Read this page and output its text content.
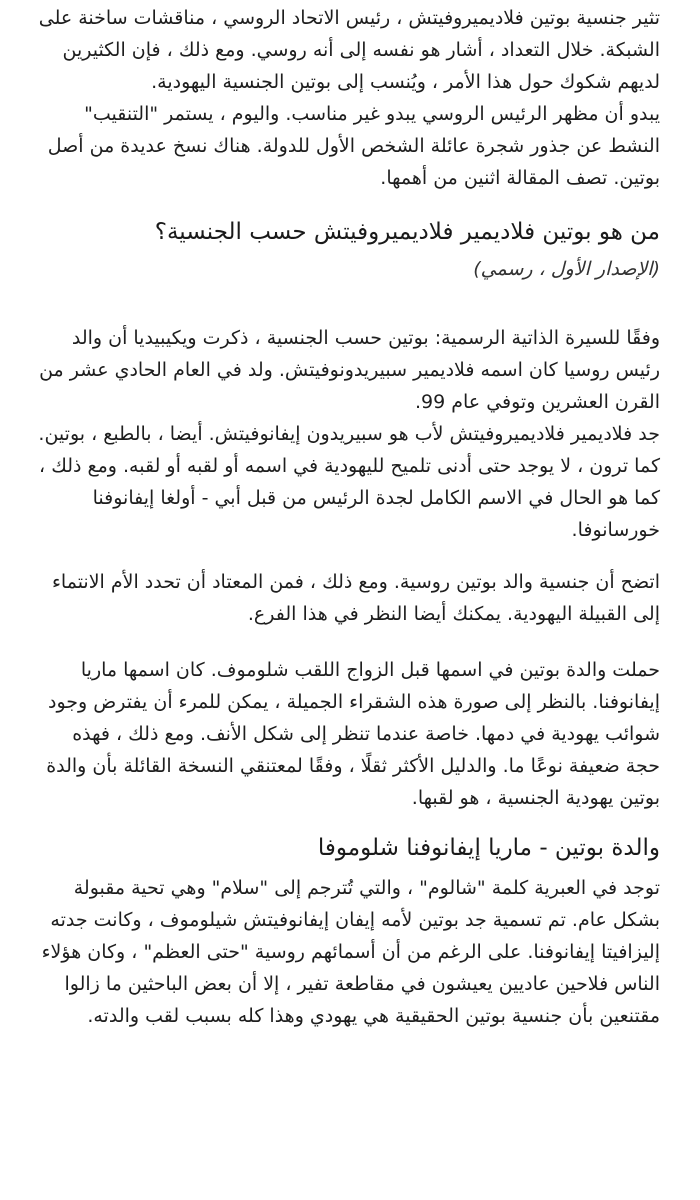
تثير جنسية بوتين فلاديميروفيتش ، رئيس الاتحاد الروسي ، مناقشات ساخنة على الشبكة. خلال التعداد ، أشار هو نفسه إلى أنه روسي. ومع ذلك ، فإن الكثيرين لديهم شكوك حول هذا الأمر ، ويُنسب إلى بوتين الجنسية اليهودية.

يبدو أن مظهر الرئيس الروسي يبدو غير مناسب. واليوم ، يستمر "التنقيب" النشط عن جذور شجرة عائلة الشخص الأول للدولة. هناك نسخ عديدة من أصل بوتين. تصف المقالة اثنين من أهمها.

من هو بوتين فلاديمير فلاديميروفيتش حسب الجنسية؟
(الإصدار الأول ، رسمي)

وفقًا للسيرة الذاتية الرسمية: بوتين حسب الجنسية ، ذكرت ويكيبيديا أن والد رئيس روسيا كان اسمه فلاديمير سبيريدونوفيتش. ولد في العام الحادي عشر من القرن العشرين وتوفي عام 99.

جد فلاديمير فلاديميروفيتش لأب هو سبيريدون إيفانوفيتش. أيضا ، بالطبع ، بوتين. كما ترون ، لا يوجد حتى أدنى تلميح لليهودية في اسمه أو لقبه أو لقبه. ومع ذلك ، كما هو الحال في الاسم الكامل لجدة الرئيس من قبل أبي - أولغا إيفانوفنا خورسانوفا.

اتضح أن جنسية والد بوتين روسية. ومع ذلك ، فمن المعتاد أن تحدد الأم الانتماء إلى القبيلة اليهودية. يمكنك أيضا النظر في هذا الفرع.

حملت والدة بوتين في اسمها قبل الزواج اللقب شلوموف. كان اسمها ماريا إيفانوفنا. بالنظر إلى صورة هذه الشقراء الجميلة ، يمكن للمرء أن يفترض وجود شوائب يهودية في دمها. خاصة عندما تنظر إلى شكل الأنف. ومع ذلك ، فهذه حجة ضعيفة نوعًا ما. والدليل الأكثر ثقلًا ، وفقًا لمعتنقي النسخة القائلة بأن والدة بوتين يهودية الجنسية ، هو لقبها.

والدة بوتين - ماريا إيفانوفنا شلوموفا

توجد في العبرية كلمة "شالوم" ، والتي تُترجم إلى "سلام" وهي تحية مقبولة بشكل عام. تم تسمية جد بوتين لأمه إيفان إيفانوفيتش شيلوموف ، وكانت جدته إليزافيتا إيفانوفنا. على الرغم من أن أسمائهم روسية "حتى العظم" ، وكان هؤلاء الناس فلاحين عاديين يعيشون في مقاطعة تفير ، إلا أن بعض الباحثين ما زالوا مقتنعين بأن جنسية بوتين الحقيقية هي يهودي وهذا كله بسبب لقب والدته.
